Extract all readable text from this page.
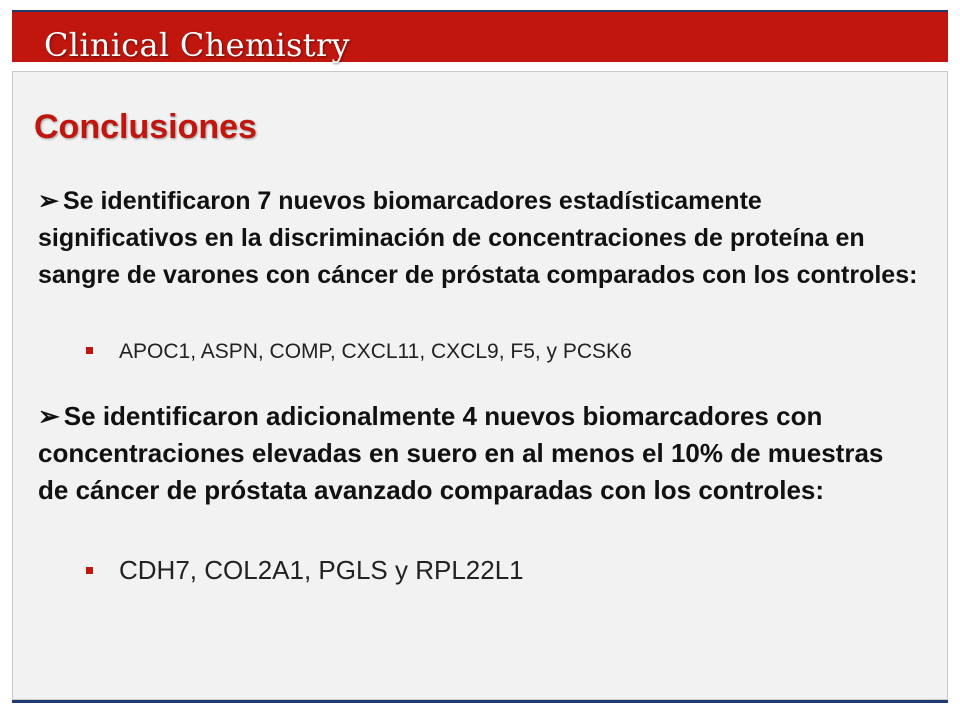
Clinical Chemistry
Conclusiones
➢ Se identificaron 7 nuevos biomarcadores estadísticamente significativos en la discriminación de concentraciones de proteína en sangre de varones con cáncer de próstata comparados con los controles:
APOC1, ASPN, COMP, CXCL11, CXCL9, F5, y PCSK6
➢ Se identificaron adicionalmente 4 nuevos biomarcadores con concentraciones elevadas en suero en al menos el 10% de muestras de cáncer de próstata avanzado comparadas con los controles:
CDH7, COL2A1, PGLS y RPL22L1
